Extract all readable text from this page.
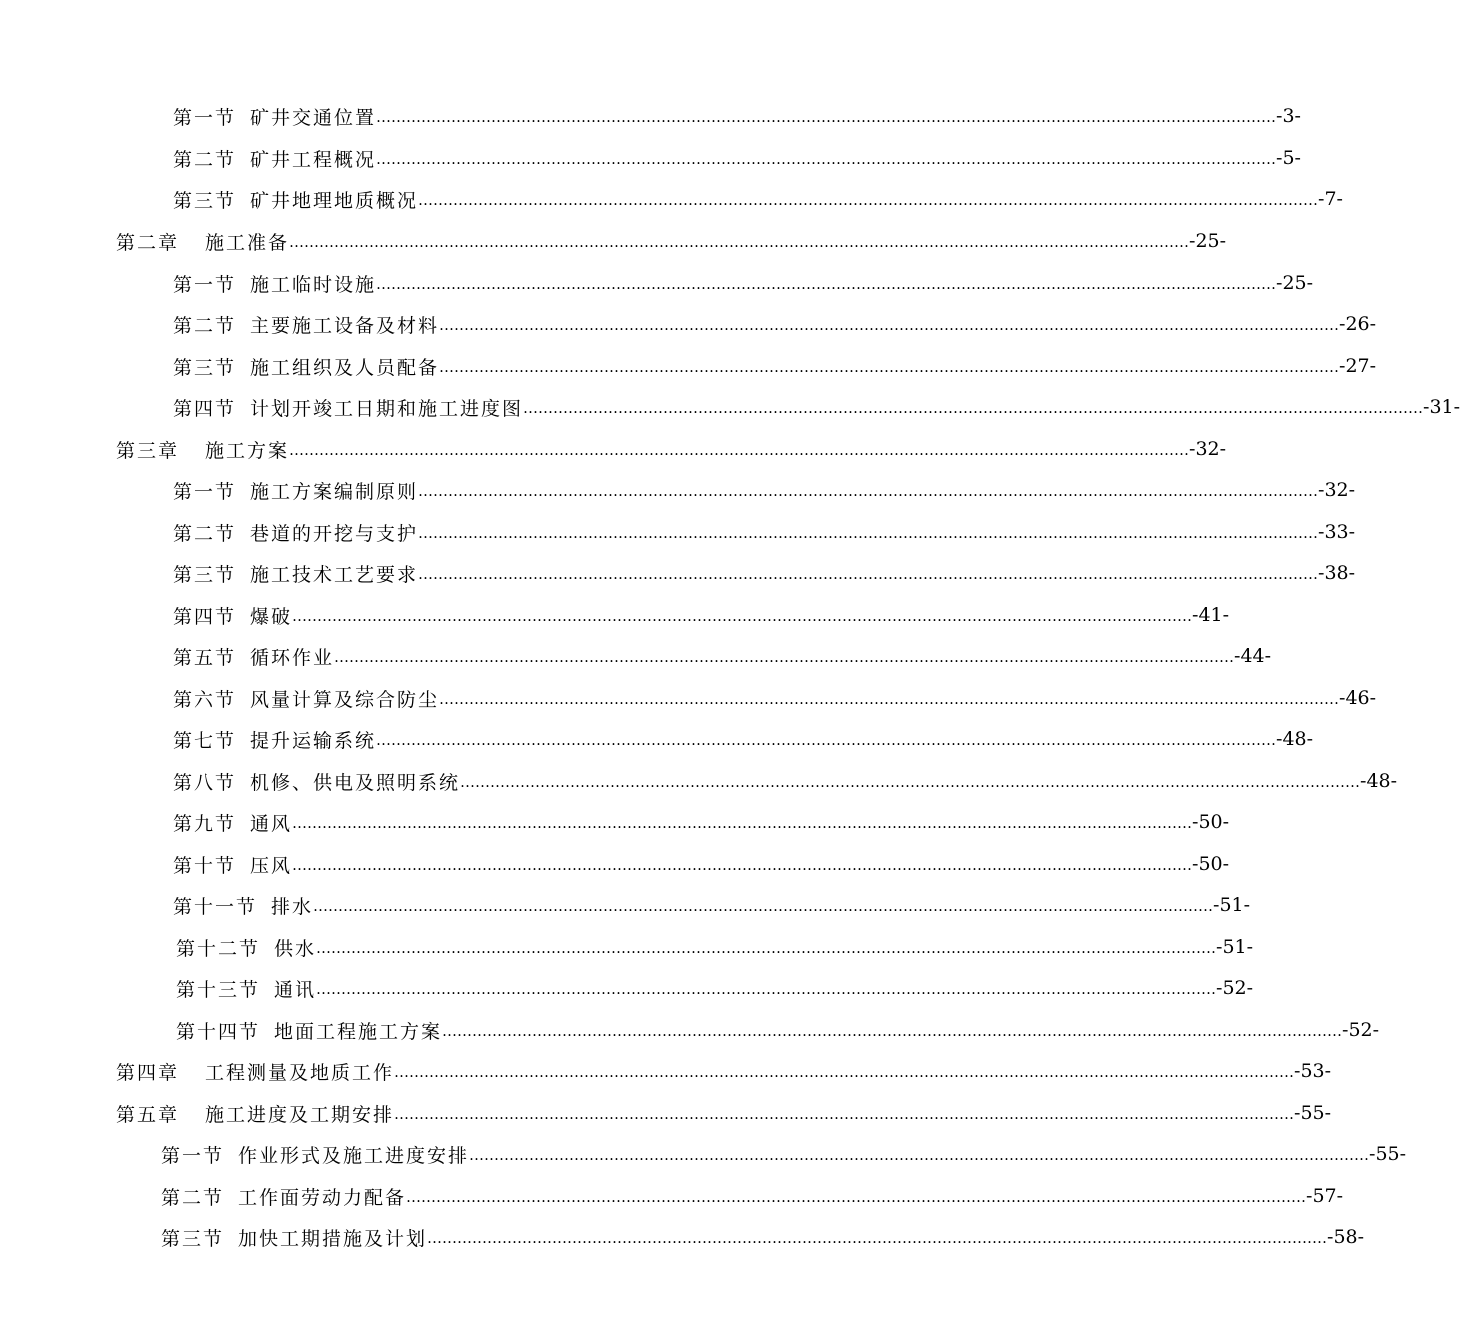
第一节 矿井交通位置 ……………………………………………………………………………………………………………………………………………………………… -3-
第二节 矿井工程概况 ……………………………………………………………………………………………………………………………………………………………… -5-
第三节 矿井地理地质概况 ……………………………………………………………………………………………………………………………………………………………… -7-
第二章 施工准备 ……………………………………………………………………………………………………………………………………………………………… -25-
第一节 施工临时设施 ……………………………………………………………………………………………………………………………………………………………… -25-
第二节 主要施工设备及材料 ……………………………………………………………………………………………………………………………………………………………… -26-
第三节 施工组织及人员配备 ……………………………………………………………………………………………………………………………………………………………… -27-
第四节 计划开竣工日期和施工进度图 ……………………………………………………………………………………………………………………………………………………………… -31-
第三章 施工方案 ……………………………………………………………………………………………………………………………………………………………… -32-
第一节 施工方案编制原则 ……………………………………………………………………………………………………………………………………………………………… -32-
第二节 巷道的开挖与支护 ……………………………………………………………………………………………………………………………………………………………… -33-
第三节 施工技术工艺要求 ……………………………………………………………………………………………………………………………………………………………… -38-
第四节 爆破 ……………………………………………………………………………………………………………………………………………………………… -41-
第五节 循环作业 ……………………………………………………………………………………………………………………………………………………………… -44-
第六节 风量计算及综合防尘 ……………………………………………………………………………………………………………………………………………………………… -46-
第七节 提升运输系统 ……………………………………………………………………………………………………………………………………………………………… -48-
第八节 机修、供电及照明系统 ……………………………………………………………………………………………………………………………………………………………… -48-
第九节 通风 ……………………………………………………………………………………………………………………………………………………………… -50-
第十节 压风 ……………………………………………………………………………………………………………………………………………………………… -50-
第十一节 排水 ……………………………………………………………………………………………………………………………………………………………… -51-
第十二节 供水 ……………………………………………………………………………………………………………………………………………………………… -51-
第十三节 通讯 ……………………………………………………………………………………………………………………………………………………………… -52-
第十四节 地面工程施工方案 ……………………………………………………………………………………………………………………………………………………………… -52-
第四章 工程测量及地质工作 ……………………………………………………………………………………………………………………………………………………………… -53-
第五章 施工进度及工期安排 ……………………………………………………………………………………………………………………………………………………………… -55-
第一节 作业形式及施工进度安排 ……………………………………………………………………………………………………………………………………………………………… -55-
第二节 工作面劳动力配备 ……………………………………………………………………………………………………………………………………………………………… -57-
第三节 加快工期措施及计划 ……………………………………………………………………………………………………………………………………………………………… -58-
